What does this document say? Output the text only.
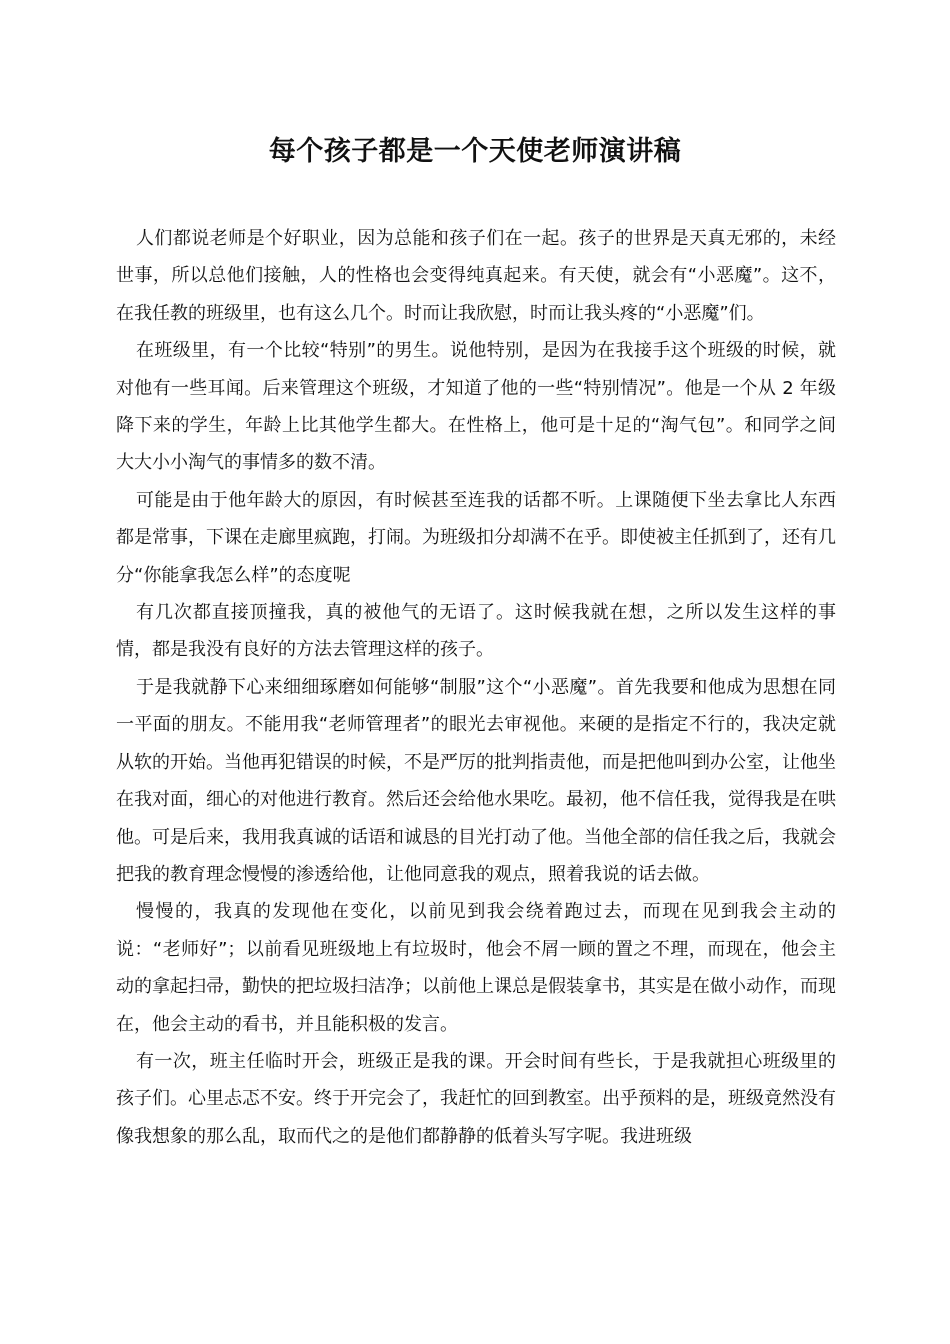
每个孩子都是一个天使老师演讲稿

人们都说老师是个好职业，因为总能和孩子们在一起。孩子的世界是天真无邪的，未经世事，所以总他们接触，人的性格也会变得纯真起来。有天使，就会有“小恶魔”。这不，在我任教的班级里，也有这么几个。时而让我欣慰，时而让我头疼的“小恶魔”们。

在班级里，有一个比较“特别”的男生。说他特别，是因为在我接手这个班级的时候，就对他有一些耳闻。后来管理这个班级，才知道了他的一些“特别情况”。他是一个从 2 年级降下来的学生，年龄上比其他学生都大。在性格上，他可是十足的“淘气包”。和同学之间大大小小淘气的事情多的数不清。

可能是由于他年龄大的原因，有时候甚至连我的话都不听。上课随便下坐去拿比人东西都是常事，下课在走廊里疯跑，打闹。为班级扣分却满不在乎。即使被主任抓到了，还有几分“你能拿我怎么样”的态度呢

有几次都直接顶撞我，真的被他气的无语了。这时候我就在想，之所以发生这样的事情，都是我没有良好的方法去管理这样的孩子。

于是我就静下心来细细琢磨如何能够“制服”这个“小恶魔”。首先我要和他成为思想在同一平面的朋友。不能用我“老师管理者”的眼光去审视他。来硬的是指定不行的，我决定就从软的开始。当他再犯错误的时候，不是严厉的批判指责他，而是把他叫到办公室，让他坐在我对面，细心的对他进行教育。然后还会给他水果吃。最初，他不信任我，觉得我是在哄他。可是后来，我用我真诚的话语和诚恳的目光打动了他。当他全部的信任我之后，我就会把我的教育理念慢慢的渗透给他，让他同意我的观点，照着我说的话去做。

慢慢的，我真的发现他在变化，以前见到我会绕着跑过去，而现在见到我会主动的说：“老师好”；以前看见班级地上有垃圾时，他会不屑一顾的置之不理，而现在，他会主动的拿起扫帚，勤快的把垃圾扫洁净；以前他上课总是假装拿书，其实是在做小动作，而现在，他会主动的看书，并且能积极的发言。

有一次，班主任临时开会，班级正是我的课。开会时间有些长，于是我就担心班级里的孩子们。心里忐忑不安。终于开完会了，我赶忙的回到教室。出乎预料的是，班级竟然没有像我想象的那么乱，取而代之的是他们都静静的低着头写字呢。我进班级
